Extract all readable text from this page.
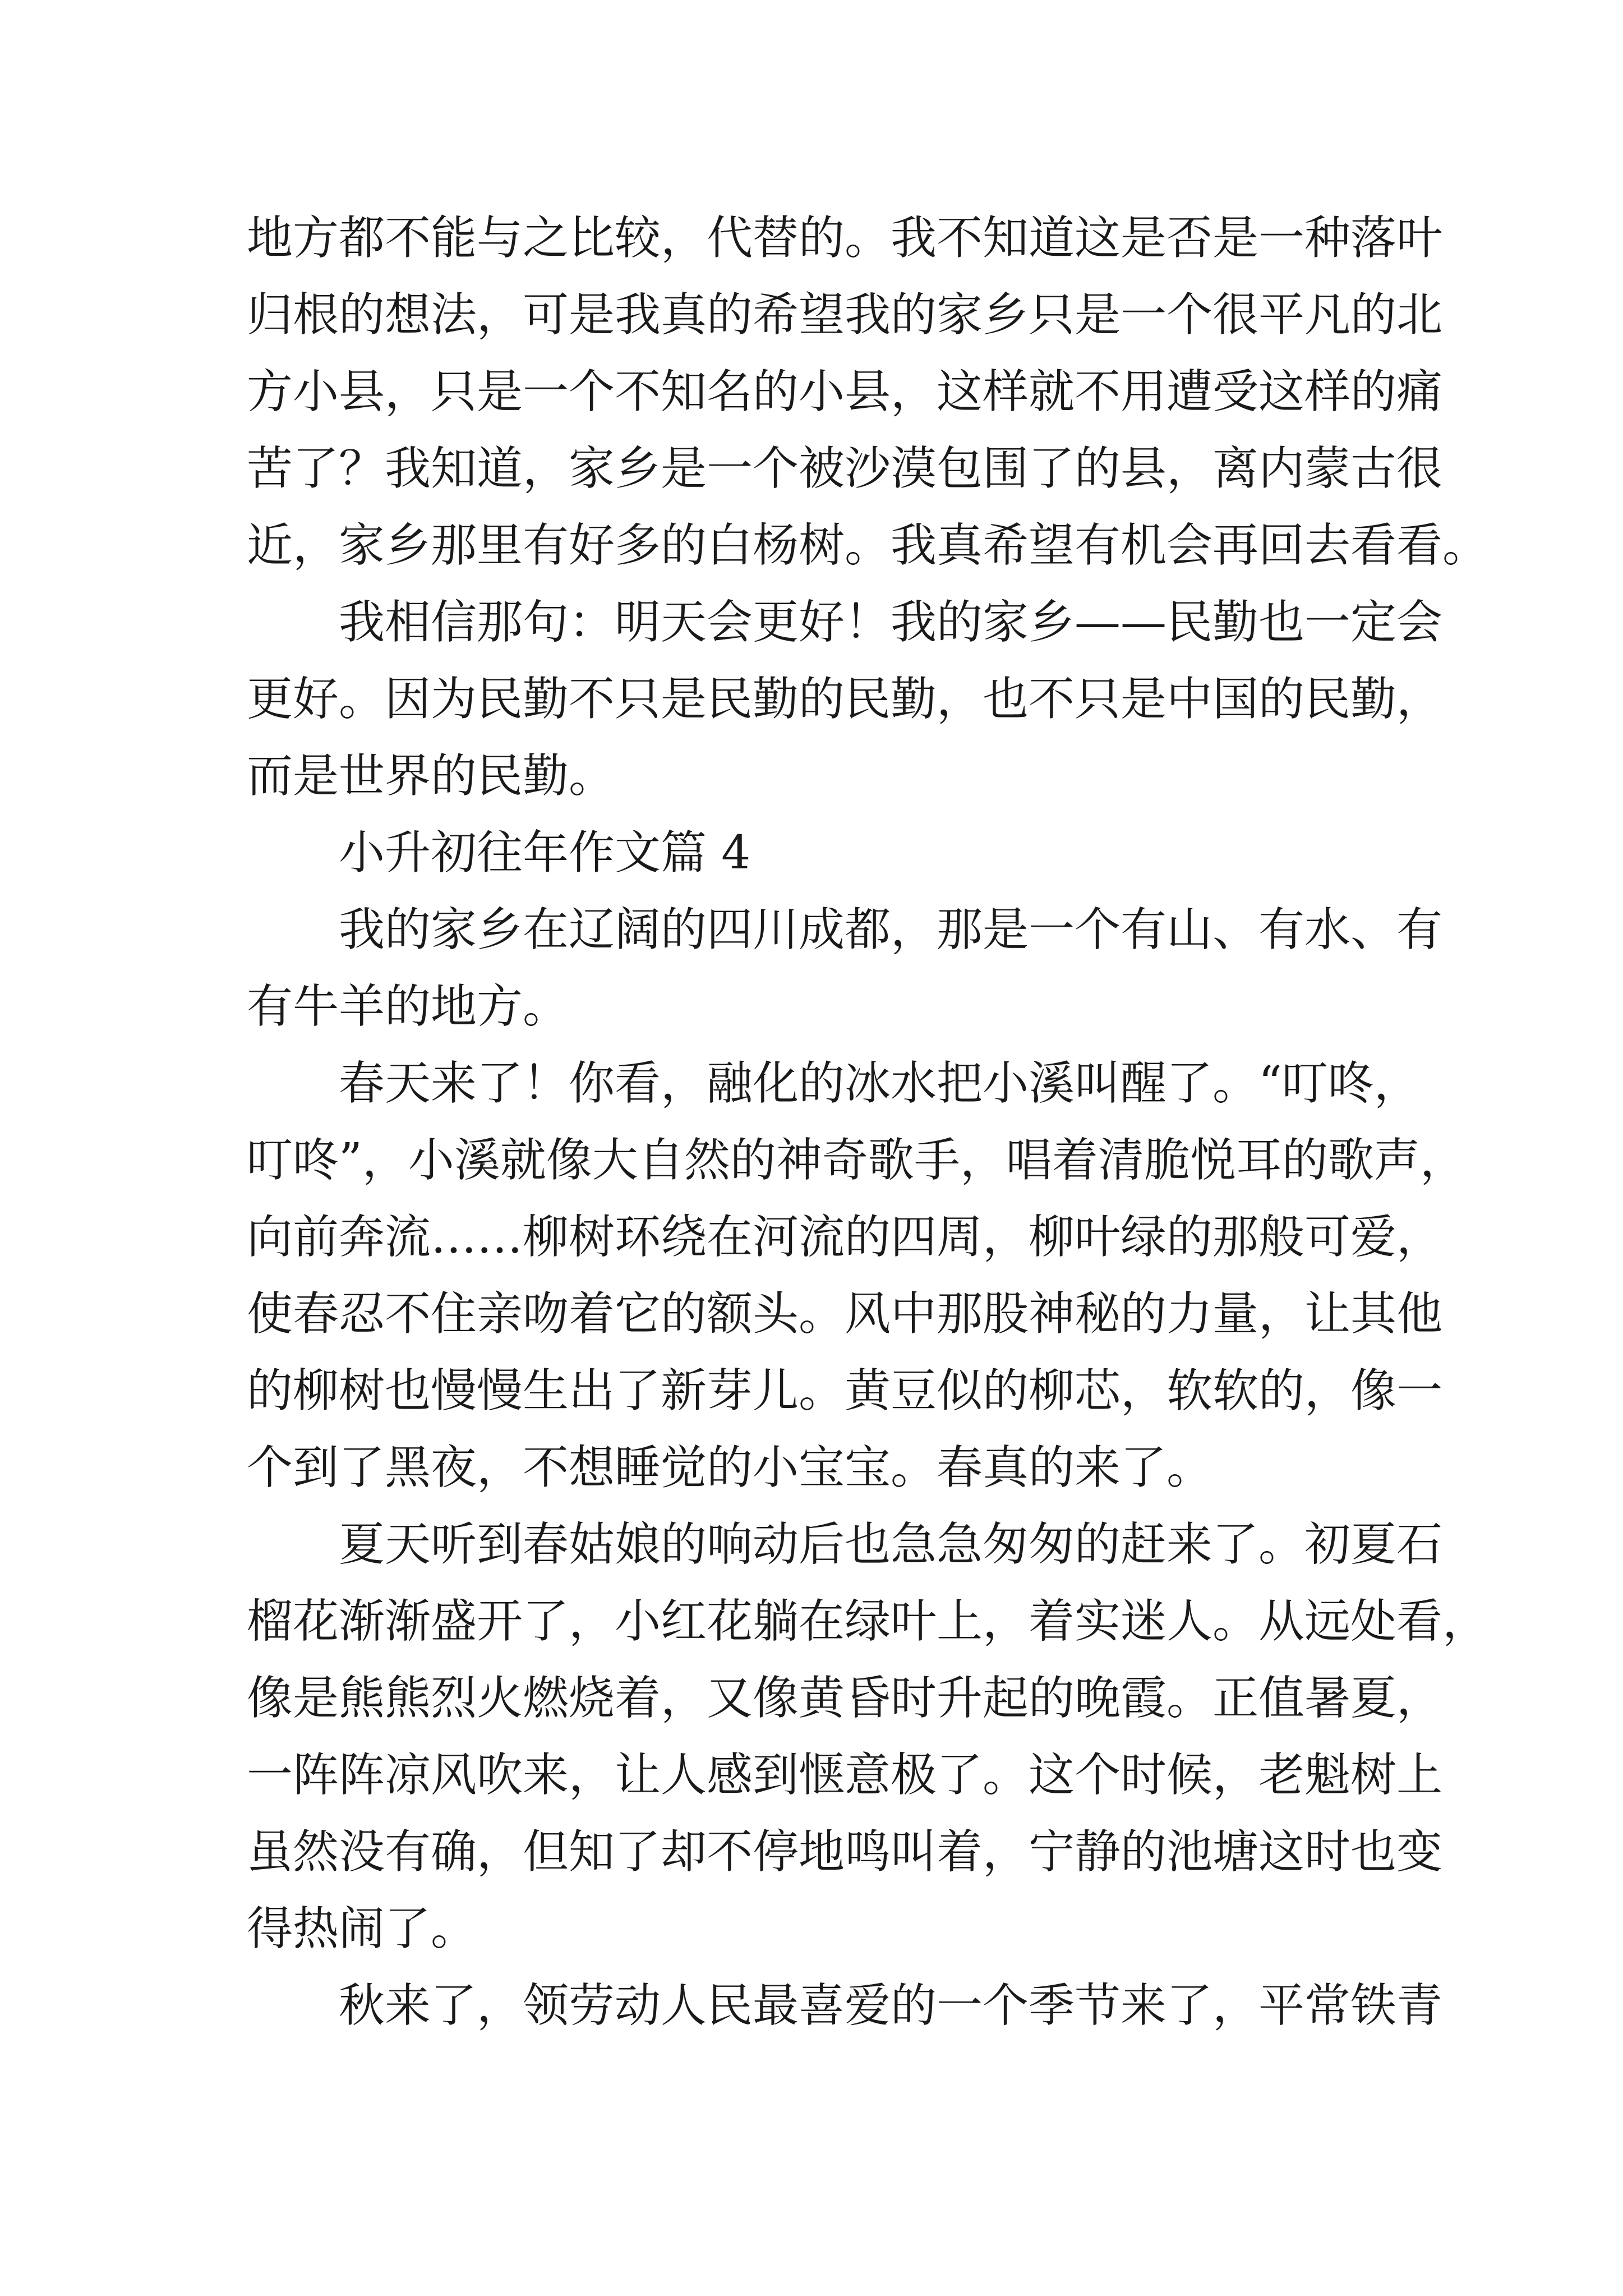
地方都不能与之比较，代替的。我不知道这是否是一种落叶
归根的想法，可是我真的希望我的家乡只是一个很平凡的北
方小县，只是一个不知名的小县，这样就不用遭受这样的痛
苦了？我知道，家乡是一个被沙漠包围了的县，离内蒙古很
近，家乡那里有好多的白杨树。我真希望有机会再回去看看。
我相信那句：明天会更好！我的家乡——民勤也一定会
更好。因为民勤不只是民勤的民勤，也不只是中国的民勤，
而是世界的民勤。
小升初往年作文篇 4
我的家乡在辽阔的四川成都，那是一个有山、有水、有
有牛羊的地方。
春天来了！你看，融化的冰水把小溪叫醒了。“叮咚，
叮咚”，小溪就像大自然的神奇歌手，唱着清脆悦耳的歌声，
向前奔流……柳树环绕在河流的四周，柳叶绿的那般可爱，
使春忍不住亲吻着它的额头。风中那股神秘的力量，让其他
的柳树也慢慢生出了新芽儿。黄豆似的柳芯，软软的，像一
个到了黑夜，不想睡觉的小宝宝。春真的来了。
夏天听到春姑娘的响动后也急急匆匆的赶来了。初夏石
榴花渐渐盛开了，小红花躺在绿叶上，着实迷人。从远处看，
像是熊熊烈火燃烧着，又像黄昏时升起的晚霞。正值暑夏，
一阵阵凉风吹来，让人感到惬意极了。这个时候，老魁树上
虽然没有确，但知了却不停地鸣叫着，宁静的池塘这时也变
得热闹了。
秋来了，领劳动人民最喜爱的一个季节来了，平常铁青
